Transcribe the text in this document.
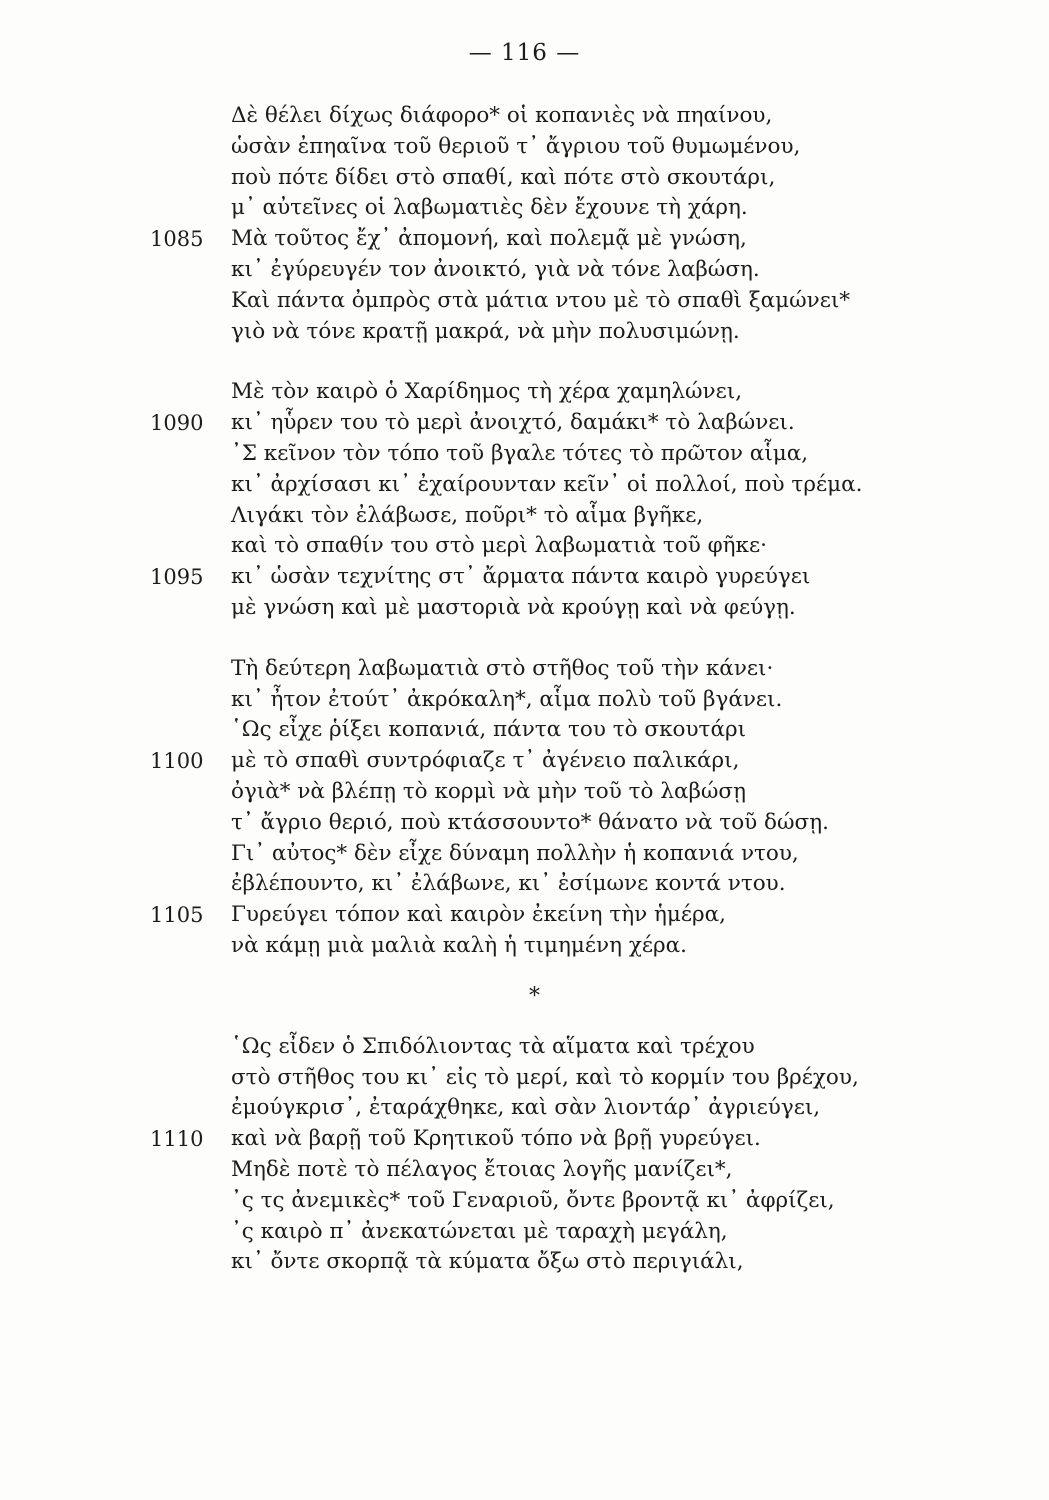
— 116 —
Δὲ θέλει δίχως διάφορο* οἱ κοπανιὲς νὰ πηαίνου,
ὡσὰν ἐπηαῖνα τοῦ θεριοῦ τ᾽ ἄγριου τοῦ θυμωμένου,
ποὺ πότε δίδει στὸ σπαθί, καὶ πότε στὸ σκουτάρι,
μ᾽ αὐτεῖνες οἱ λαβωματιὲς δὲν ἔχουνε τὴ χάρη.
1085	Μὰ τοῦτος ἔχ᾽ ἀπομονή, καὶ πολεμᾷ μὲ γνώση,
κι᾽ ἐγύρευγέν τον ἀνοικτό, γιὰ νὰ τόνε λαβώση.
Καὶ πάντα ὀμπρὸς στὰ μάτια ντου μὲ τὸ σπαθὶ ξαμώνει*
γιὸ νὰ τόνε κρατῇ μακρά, νὰ μὴν πολυσιμώνῃ.
Μὲ τὸν καιρὸ ὁ Χαρίδημος τὴ χέρα χαμηλώνει,
1090	κι᾽ ηὗρεν του τὸ μερὶ ἀνοιχτό, δαμάκι* τὸ λαβώνει.
᾽Σ κεῖνον τὸν τόπο τοῦ βγαλε τότες τὸ πρῶτον αἷμα,
κι᾽ ἀρχίσασι κι᾽ ἐχαίρουνταν κεῖν᾽ οἱ πολλοί, ποὺ τρέμα.
Λιγάκι τὸν ἐλάβωσε, ποῦρι* τὸ αἷμα βγῆκε,
καὶ τὸ σπαθίν του στὸ μερὶ λαβωματιὰ τοῦ φῆκε·
1095	κι᾽ ὡσὰν τεχνίτης στ᾽ ἄρματα πάντα καιρὸ γυρεύγει
μὲ γνώση καὶ μὲ μαστοριὰ νὰ κρούγῃ καὶ νὰ φεύγῃ.
Τὴ δεύτερη λαβωματιὰ στὸ στῆθος τοῦ τὴν κάνει·
κι᾽ ἦτον ἐτούτ᾽ ἀκρόκαλη*, αἷμα πολὺ τοῦ βγάνει.
῾Ως εἶχε ῥίξει κοπανιά, πάντα του τὸ σκουτάρι
1100	μὲ τὸ σπαθὶ συντρόφιαζε τ᾽ ἀγένειο παλικάρι,
ὀγιὰ* νὰ βλέπῃ τὸ κορμὶ νὰ μὴν τοῦ τὸ λαβώσῃ
τ᾽ ἄγριο θεριό, ποὺ κτάσσουντο* θάνατο νὰ τοῦ δώσῃ.
Γι᾽ αὐτος* δὲν εἶχε δύναμη πολλὴν ἡ κοπανιά ντου,
ἐβλέπουντο, κι᾽ ἐλάβωνε, κι᾽ ἐσίμωνε κοντά ντου.
1105	Γυρεύγει τόπον καὶ καιρὸν ἐκείνη τὴν ἡμέρα,
νὰ κάμῃ μιὰ μαλιὰ καλὴ ἡ τιμημένη χέρα.
*
῾Ως εἶδεν ὁ Σπιδόλιοντας τὰ αἵματα καὶ τρέχου
στὸ στῆθος του κι᾽ εἰς τὸ μερί, καὶ τὸ κορμίν του βρέχου,
ἐμούγκρισ᾽, ἐταράχθηκε, καὶ σὰν λιοντάρ᾽ ἀγριεύγει,
1110	καὶ νὰ βαρῇ τοῦ Κρητικοῦ τόπο νὰ βρῇ γυρεύγει.
Μηδὲ ποτὲ τὸ πέλαγος ἔτοιας λογῆς μανίζει*,
᾽ς τς ἀνεμικὲς* τοῦ Γεναριοῦ, ὄντε βροντᾷ κι᾽ ἀφρίζει,
᾽ς καιρὸ π᾽ ἀνεκατώνεται μὲ ταραχὴ μεγάλη,
κι᾽ ὄντε σκορπᾷ τὰ κύματα ὄξω στὸ περιγιάλι,
